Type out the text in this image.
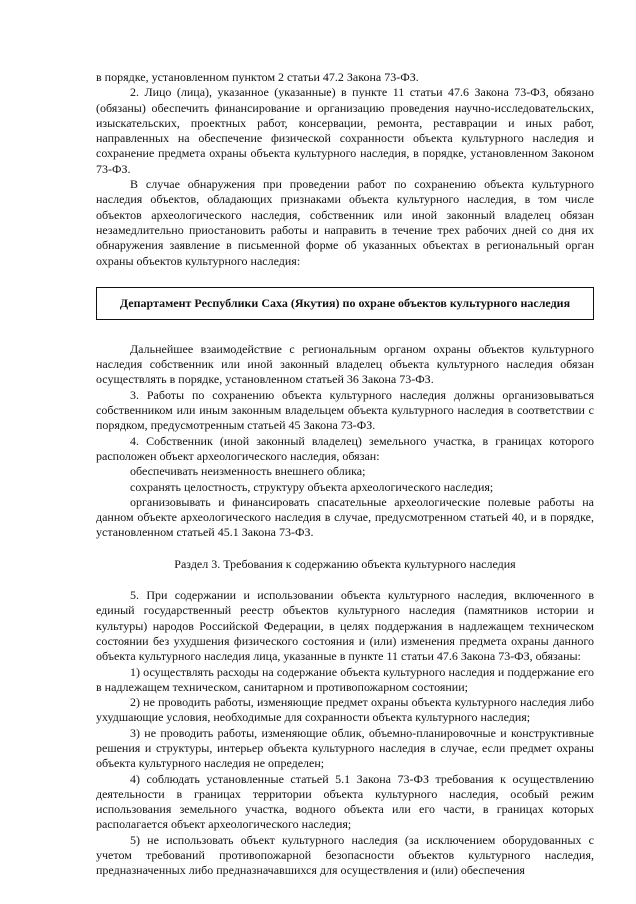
в порядке, установленном пунктом 2 статьи 47.2 Закона 73-ФЗ.

2. Лицо (лица), указанное (указанные) в пункте 11 статьи 47.6 Закона 73-ФЗ, обязано (обязаны) обеспечить финансирование и организацию проведения научно-исследовательских, изыскательских, проектных работ, консервации, ремонта, реставрации и иных работ, направленных на обеспечение физической сохранности объекта культурного наследия и сохранение предмета охраны объекта культурного наследия, в порядке, установленном Законом 73-ФЗ.

В случае обнаружения при проведении работ по сохранению объекта культурного наследия объектов, обладающих признаками объекта культурного наследия, в том числе объектов археологического наследия, собственник или иной законный владелец обязан незамедлительно приостановить работы и направить в течение трех рабочих дней со дня их обнаружения заявление в письменной форме об указанных объектах в региональный орган охраны объектов культурного наследия:

Департамент Республики Саха (Якутия) по охране объектов культурного наследия

Дальнейшее взаимодействие с региональным органом охраны объектов культурного наследия собственник или иной законный владелец объекта культурного наследия обязан осуществлять в порядке, установленном статьей 36 Закона 73-ФЗ.

3. Работы по сохранению объекта культурного наследия должны организовываться собственником или иным законным владельцем объекта культурного наследия в соответствии с порядком, предусмотренным статьей 45 Закона 73-ФЗ.

4. Собственник (иной законный владелец) земельного участка, в границах которого расположен объект археологического наследия, обязан:

обеспечивать неизменность внешнего облика;

сохранять целостность, структуру объекта археологического наследия;

организовывать и финансировать спасательные археологические полевые работы на данном объекте археологического наследия в случае, предусмотренном статьей 40, и в порядке, установленном статьей 45.1 Закона 73-ФЗ.

Раздел 3. Требования к содержанию объекта культурного наследия

5. При содержании и использовании объекта культурного наследия, включенного в единый государственный реестр объектов культурного наследия (памятников истории и культуры) народов Российской Федерации, в целях поддержания в надлежащем техническом состоянии без ухудшения физического состояния и (или) изменения предмета охраны данного объекта культурного наследия лица, указанные в пункте 11 статьи 47.6 Закона 73-ФЗ, обязаны:

1) осуществлять расходы на содержание объекта культурного наследия и поддержание его в надлежащем техническом, санитарном и противопожарном состоянии;

2) не проводить работы, изменяющие предмет охраны объекта культурного наследия либо ухудшающие условия, необходимые для сохранности объекта культурного наследия;

3) не проводить работы, изменяющие облик, объемно-планировочные и конструктивные решения и структуры, интерьер объекта культурного наследия в случае, если предмет охраны объекта культурного наследия не определен;

4) соблюдать установленные статьей 5.1 Закона 73-ФЗ требования к осуществлению деятельности в границах территории объекта культурного наследия, особый режим использования земельного участка, водного объекта или его части, в границах которых располагается объект археологического наследия;

5) не использовать объект культурного наследия (за исключением оборудованных с учетом требований противопожарной безопасности объектов культурного наследия, предназначенных либо предназначавшихся для осуществления и (или) обеспечения
